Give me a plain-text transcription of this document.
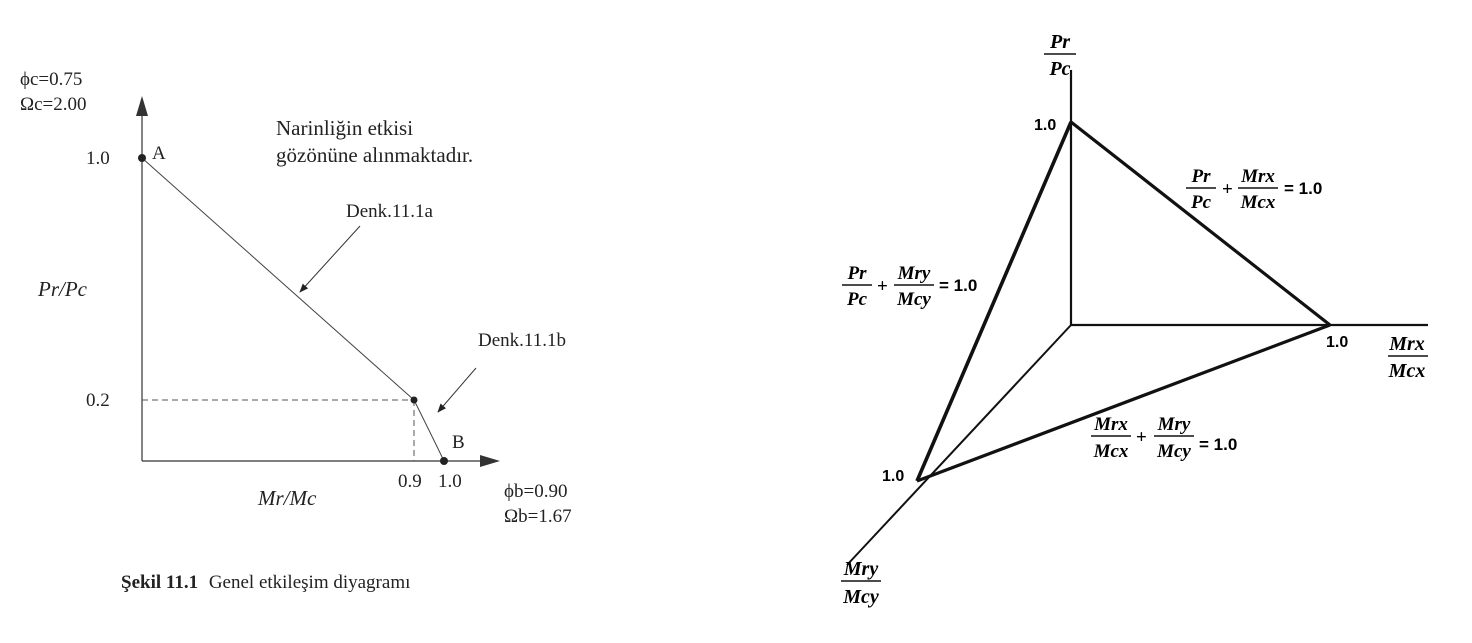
ϕc=0.75
Ωc=2.00
1.0 A
Pr/Pc
0.2
B
0.9 1.0
Mr/Mc
Narinliğin etkisi
gözönüne alınmaktadır.
Denk.11.1a
Denk.11.1b
ϕb=0.90
Ωb=1.67
Şekil 11.1 Genel etkileşim diyagramı
Pr
Pc
Mrx
Mcx
Mry
Mcy
1.0
1.0
1.0
Pr
Pc
+
Mrx
Mcx
= 1.0
Pr
Pc
+
Mry
Mcy
= 1.0
Mrx
Mcx
+
Mry
Mcy = 1.0
